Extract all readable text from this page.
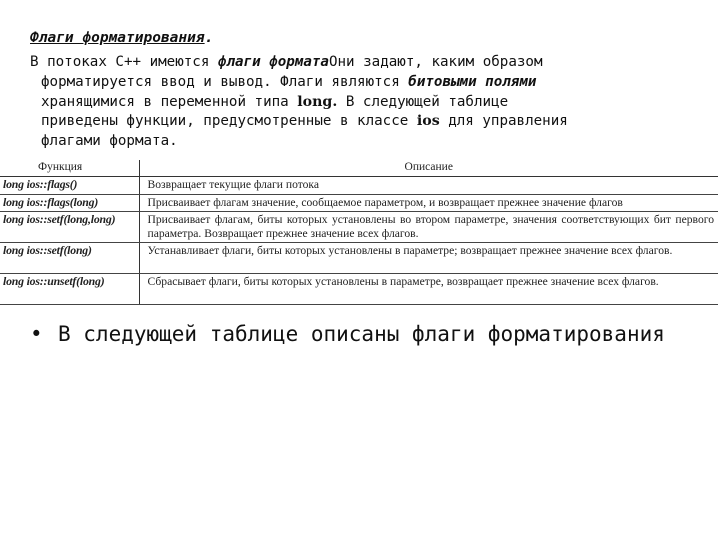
Флаги форматирования.

В потоках С++ имеются флаги форматаОни задают, каким образом
форматируется ввод и вывод. Флаги являются битовыми полями
хранящимися в переменной типа long. В следующей таблице
приведены функции, предусмотренные в классе ios для управления
флагами формата.

Функция	Описание
long ios::flags()	Возвращает текущие флаги потока
long ios::flags(long)	Присваивает флагам значение, сообщаемое параметром, и возвращает прежнее значение флагов
long ios::setf(long,long)	Присваивает флагам, биты которых установлены во втором параметре, значения соответствующих бит первого параметра. Возвращает прежнее значение всех флагов.
long ios::setf(long)	Устанавливает флаги, биты которых установлены в параметре; возвращает прежнее значение всех флагов.
long ios::unsetf(long)	Сбрасывает флаги, биты которых установлены в параметре, возвращает прежнее значение всех флагов.
• В следующей таблице описаны флаги форматирования
